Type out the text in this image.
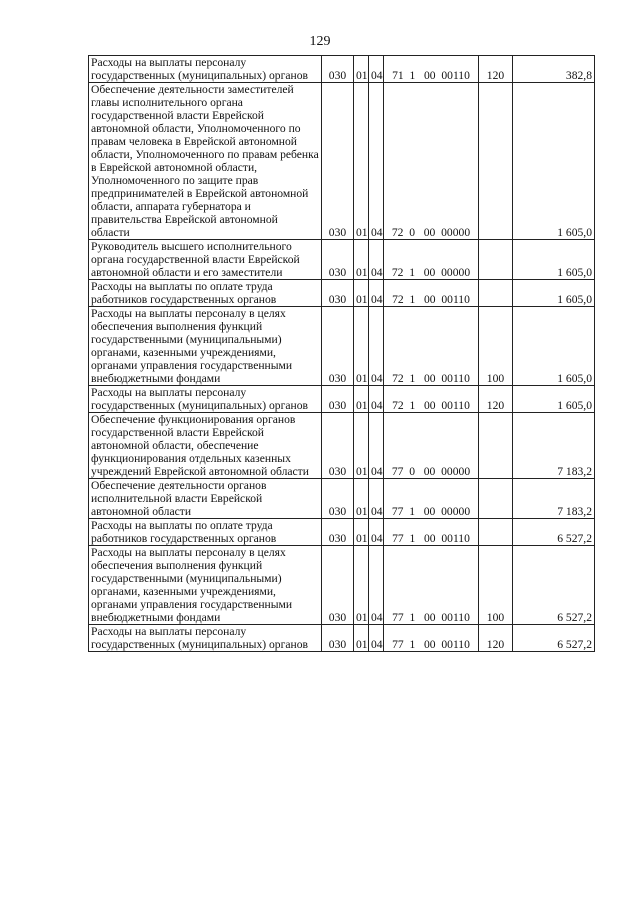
129
Расходы на выплаты персоналу государственных (муниципальных) органов	030	01	04	71  1   00  00110	120	382,8
Обеспечение деятельности заместителей главы исполнительного органа государственной власти Еврейской автономной области, Уполномоченного по правам человека в Еврейской автономной области, Уполномоченного по правам ребенка в Еврейской автономной области, Уполномоченного по защите прав предпринимателей в Еврейской автономной области, аппарата губернатора и правительства Еврейской автономной области	030	01	04	72  0   00  00000		1 605,0
Руководитель высшего исполнительного органа государственной власти Еврейской автономной области и его заместители	030	01	04	72  1   00  00000		1 605,0
Расходы на выплаты по оплате труда работников государственных органов	030	01	04	72  1   00  00110		1 605,0
Расходы на выплаты персоналу в целях обеспечения выполнения функций государственными (муниципальными) органами, казенными учреждениями, органами управления государственными внебюджетными фондами	030	01	04	72  1   00  00110	100	1 605,0
Расходы на выплаты персоналу государственных (муниципальных) органов	030	01	04	72  1   00  00110	120	1 605,0
Обеспечение функционирования органов государственной власти Еврейской автономной области, обеспечение функционирования отдельных казенных учреждений Еврейской автономной области	030	01	04	77  0   00  00000		7 183,2
Обеспечение деятельности органов исполнительной власти Еврейской автономной области	030	01	04	77  1   00  00000		7 183,2
Расходы на выплаты по оплате труда работников государственных органов	030	01	04	77  1   00  00110		6 527,2
Расходы на выплаты персоналу в целях обеспечения выполнения функций государственными (муниципальными) органами, казенными учреждениями, органами управления государственными внебюджетными фондами	030	01	04	77  1   00  00110	100	6 527,2
Расходы на выплаты персоналу государственных (муниципальных) органов	030	01	04	77  1   00  00110	120	6 527,2
